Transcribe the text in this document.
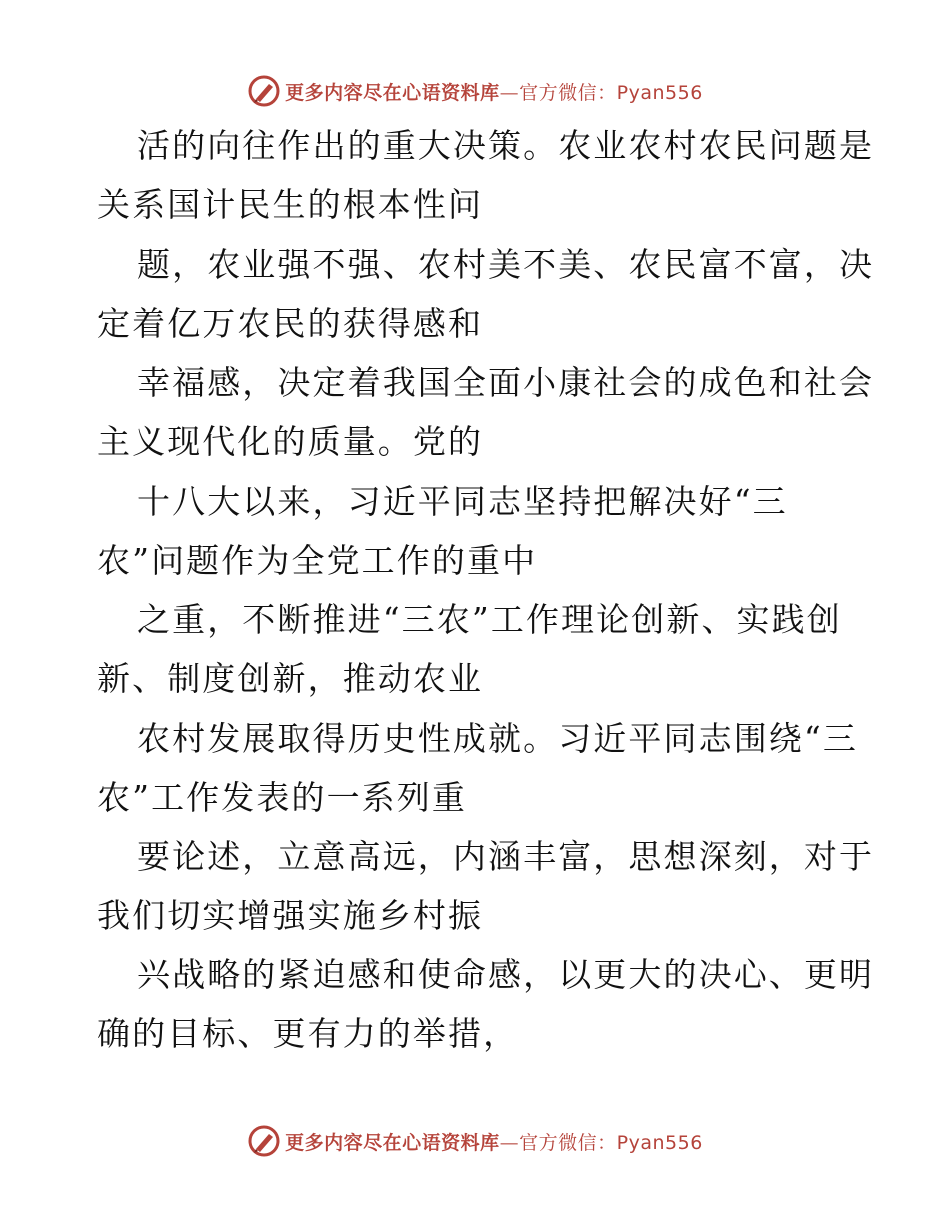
更多内容尽在心语资料库—官方微信：Pyan556
活的向往作出的重大决策。农业农村农民问题是
关系国计民生的根本性问
题，农业强不强、农村美不美、农民富不富，决
定着亿万农民的获得感和
幸福感，决定着我国全面小康社会的成色和社会
主义现代化的质量。党的
十八大以来，习近平同志坚持把解决好“三
农”问题作为全党工作的重中
之重，不断推进“三农”工作理论创新、实践创
新、制度创新，推动农业
农村发展取得历史性成就。习近平同志围绕“三
农”工作发表的一系列重
要论述，立意高远，内涵丰富，思想深刻，对于
我们切实增强实施乡村振
兴战略的紧迫感和使命感，以更大的决心、更明
确的目标、更有力的举措，
更多内容尽在心语资料库—官方微信：Pyan556
